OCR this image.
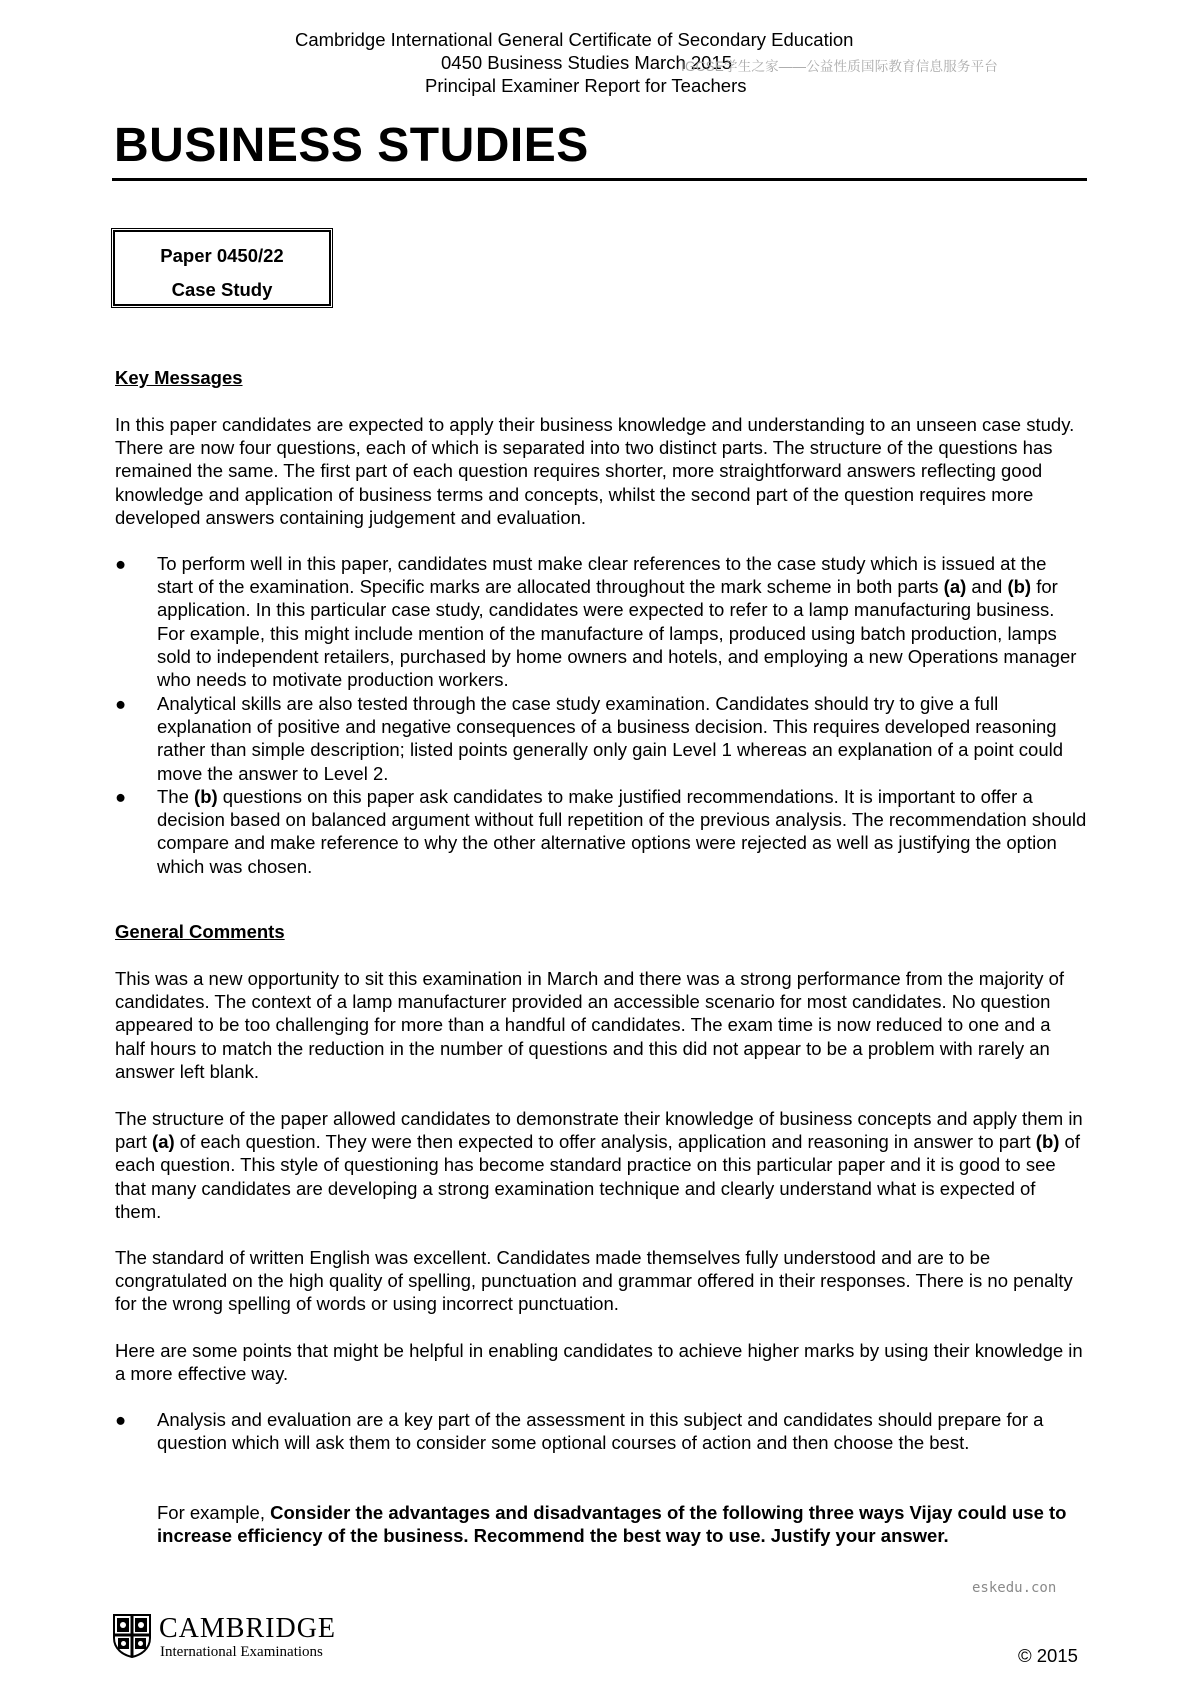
Cambridge International General Certificate of Secondary Education
0450 Business Studies March 2015
Principal Examiner Report for Teachers
IGCSE学生之家——公益性质国际教育信息服务平台
BUSINESS STUDIES
Paper 0450/22
Case Study
Key Messages
In this paper candidates are expected to apply their business knowledge and understanding to an unseen case study. There are now four questions, each of which is separated into two distinct parts. The structure of the questions has remained the same. The first part of each question requires shorter, more straightforward answers reflecting good knowledge and application of business terms and concepts, whilst the second part of the question requires more developed answers containing judgement and evaluation.
●	To perform well in this paper, candidates must make clear references to the case study which is issued at the start of the examination. Specific marks are allocated throughout the mark scheme in both parts (a) and (b) for application. In this particular case study, candidates were expected to refer to a lamp manufacturing business. For example, this might include mention of the manufacture of lamps, produced using batch production, lamps sold to independent retailers, purchased by home owners and hotels, and employing a new Operations manager who needs to motivate production workers.
●	Analytical skills are also tested through the case study examination. Candidates should try to give a full explanation of positive and negative consequences of a business decision. This requires developed reasoning rather than simple description; listed points generally only gain Level 1 whereas an explanation of a point could move the answer to Level 2.
●	The (b) questions on this paper ask candidates to make justified recommendations. It is important to offer a decision based on balanced argument without full repetition of the previous analysis. The recommendation should compare and make reference to why the other alternative options were rejected as well as justifying the option which was chosen.
General Comments
This was a new opportunity to sit this examination in March and there was a strong performance from the majority of candidates. The context of a lamp manufacturer provided an accessible scenario for most candidates. No question appeared to be too challenging for more than a handful of candidates. The exam time is now reduced to one and a half hours to match the reduction in the number of questions and this did not appear to be a problem with rarely an answer left blank.
The structure of the paper allowed candidates to demonstrate their knowledge of business concepts and apply them in part (a) of each question. They were then expected to offer analysis, application and reasoning in answer to part (b) of each question. This style of questioning has become standard practice on this particular paper and it is good to see that many candidates are developing a strong examination technique and clearly understand what is expected of them.
The standard of written English was excellent. Candidates made themselves fully understood and are to be congratulated on the high quality of spelling, punctuation and grammar offered in their responses. There is no penalty for the wrong spelling of words or using incorrect punctuation.
Here are some points that might be helpful in enabling candidates to achieve higher marks by using their knowledge in a more effective way.
●	Analysis and evaluation are a key part of the assessment in this subject and candidates should prepare for a question which will ask them to consider some optional courses of action and then choose the best.
For example, Consider the advantages and disadvantages of the following three ways Vijay could use to increase efficiency of the business. Recommend the best way to use. Justify your answer.
eskedu.con
CAMBRIDGE
International Examinations	© 2015
